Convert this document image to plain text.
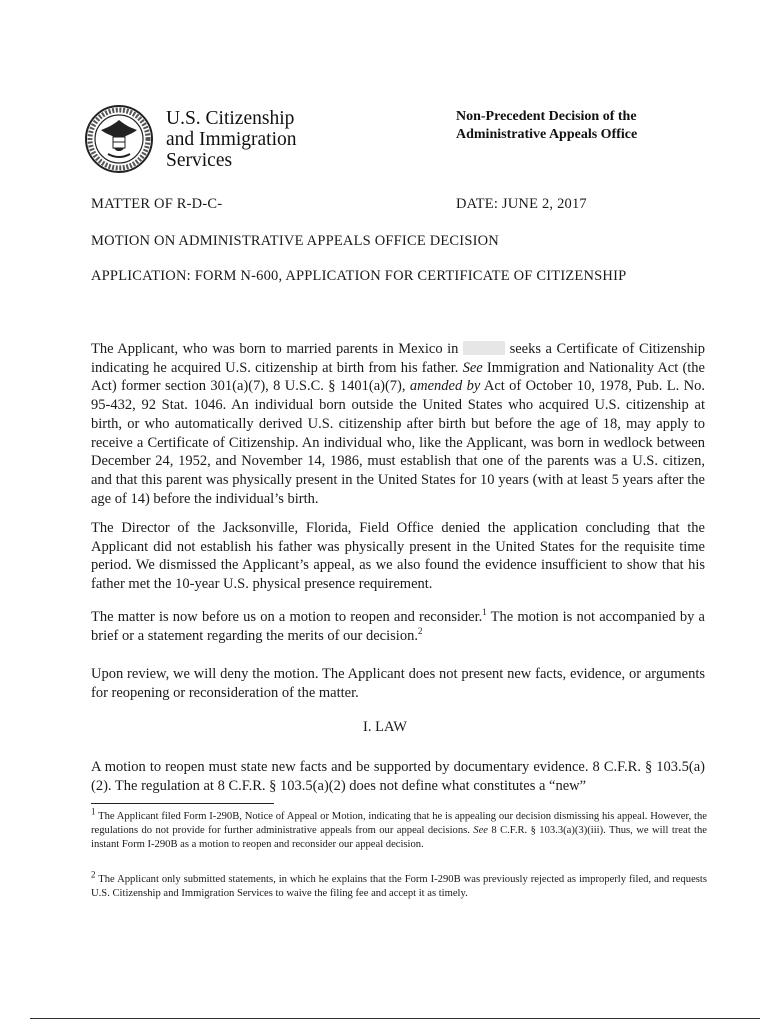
U.S. Citizenship
and Immigration
Services
Non-Precedent Decision of the
Administrative Appeals Office
MATTER OF R-D-C-	DATE: JUNE 2, 2017
MOTION ON ADMINISTRATIVE APPEALS OFFICE DECISION
APPLICATION: FORM N-600, APPLICATION FOR CERTIFICATE OF CITIZENSHIP

The Applicant, who was born to married parents in Mexico in	seeks a Certificate of Citizenship indicating he acquired U.S. citizenship at birth from his father. See Immigration and Nationality Act (the Act) former section 301(a)(7), 8 U.S.C. § 1401(a)(7), amended by Act of October 10, 1978, Pub. L. No. 95-432, 92 Stat. 1046. An individual born outside the United States who acquired U.S. citizenship at birth, or who automatically derived U.S. citizenship after birth but before the age of 18, may apply to receive a Certificate of Citizenship. An individual who, like the Applicant, was born in wedlock between December 24, 1952, and November 14, 1986, must establish that one of the parents was a U.S. citizen, and that this parent was physically present in the United States for 10 years (with at least 5 years after the age of 14) before the individual’s birth.

The Director of the Jacksonville, Florida, Field Office denied the application concluding that the Applicant did not establish his father was physically present in the United States for the requisite time period. We dismissed the Applicant’s appeal, as we also found the evidence insufficient to show that his father met the 10-year U.S. physical presence requirement.

The matter is now before us on a motion to reopen and reconsider.$^1$ The motion is not accompanied by a brief or a statement regarding the merits of our decision.$^2$

Upon review, we will deny the motion. The Applicant does not present new facts, evidence, or arguments for reopening or reconsideration of the matter.

I. LAW

A motion to reopen must state new facts and be supported by documentary evidence. 8 C.F.R. § 103.5(a)(2). The regulation at 8 C.F.R. § 103.5(a)(2) does not define what constitutes a “new”

$^1$ The Applicant filed Form I-290B, Notice of Appeal or Motion, indicating that he is appealing our decision dismissing his appeal. However, the regulations do not provide for further administrative appeals from our appeal decisions. See 8 C.F.R. § 103.3(a)(3)(iii). Thus, we will treat the instant Form I-290B as a motion to reopen and reconsider our appeal decision.

$^2$ The Applicant only submitted statements, in which he explains that the Form I-290B was previously rejected as improperly filed, and requests U.S. Citizenship and Immigration Services to waive the filing fee and accept it as timely.
